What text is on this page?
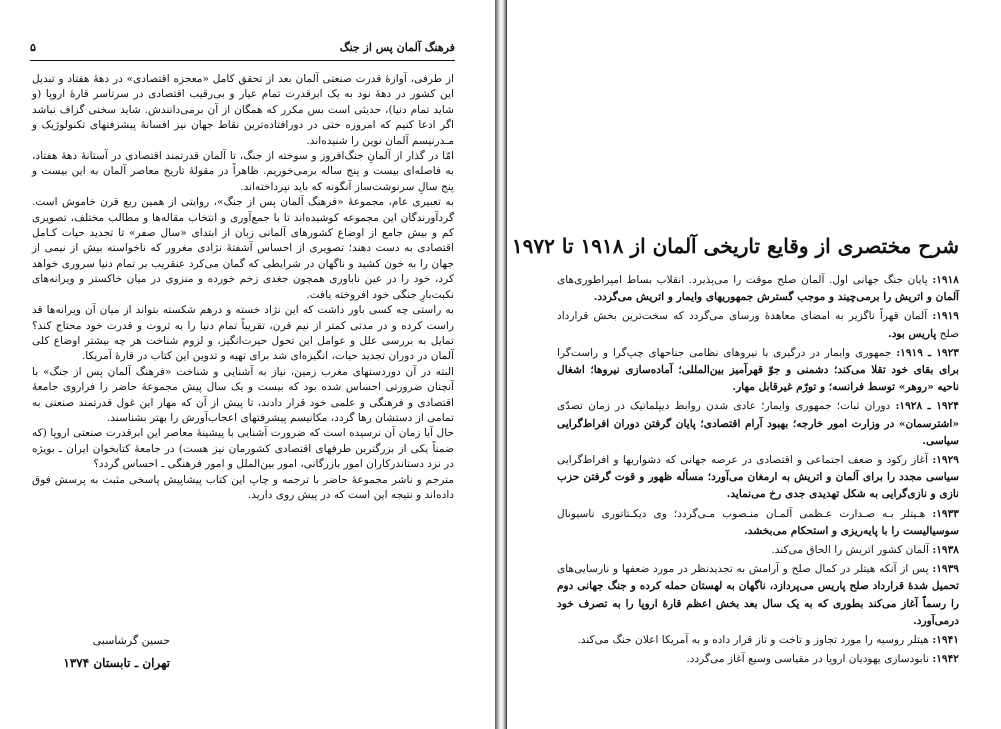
فرهنگ آلمان پس از جنگ
۵

از طرفی، آوازهٔ قدرت صنعتی آلمان بعد از تحقق کامل «معجزه اقتصادی» در دههٔ هفتاد و تبدیل این کشور در دههٔ نود به یک ابرقدرت تمام عیار و بی‌رقیب اقتصادی در سرتاسر قارهٔ اروپا (و شاید تمام دنیا)، حدیثی است بس مکرر که همگان از آن برمی‌دانندش. شاید سخنی گزاف نباشد اگر ادعا کنیم که امروزه حتی در دورافتاده‌ترین نقاط جهان نیز افسانهٔ پیشرفتهای تکنولوژیک و مـدرنیسم آلمان نوین را شنیده‌اند.

امّا در گذار از آلمانِ جنگ‌افروز و سوخته از جنگ، تا آلمان قدرتمند اقتصادی در آستانهٔ دههٔ هفتاد، به فاصله‌ای بیست و پنج ساله برمی‌خوریم. ظاهراً در مقولهٔ تاریخ معاصر آلمان به این بیست و پنج سالِ سرنوشت‌ساز آنگونه که باید نپرداخته‌اند.

به تعبیری عام، مجموعهٔ «فرهنگ آلمان پس از جنگ»، روایتی از همین ربع قرن خاموش است. گردآورندگان این مجموعه کوشیده‌اند تا با جمع‌آوری و انتخاب مقاله‌ها و مطالب مختلف، تصویری کم و بیش جامع از اوضاع کشورهای آلمانی زبان از ابتدای «سال صفر» تا تجدید حیات کـامل اقتصادی به دست دهند؛ تصویری از احساس آشفتهٔ نژادی مغرور که ناخواسته بیش از نیمی از جهان را به خون کشید و ناگهان در شرایطی که گمان می‌کرد عنقریب بر تمام دنیا سروری خواهد کرد، خود را در عین ناباوری همچون جغدی زخم خورده و منزوی در میان خاکستر و ویرانه‌های نکبت‌بارِ جنگی خود افروخته یافت.

به راستی چه کسی باور داشت که این نژاد خسته و درهم شکسته بتواند از میان آن ویرانه‌ها قد راست کرده و در مدتی کمتر از نیم قرن، تقریباً تمام دنیا را به ثروت و قدرت خود محتاج کند؟ تمایل به بررسی علل و عوامل این تحول حیرت‌انگیز، و لزوم شناخت هر چه بیشتر اوضاع کلی آلمان در دوران تجدید حیات، انگیزه‌ای شد برای تهیه و تدوین این کتاب در قارهٔ آمریکا.

البته در آن دوردستهای مغرب زمین، نیاز به آشنایی و شناخت «فرهنگ آلمان پس از جنگ» با آنچنان ضرورتی احساس شده بود که بیست و یک سال پیش مجموعهٔ حاضر را فراروی جامعهٔ اقتصادی و فرهنگی و علمی خود قرار دادند، تا پیش از آن که مهار این غول قدرتمند صنعتی به تمامی از دستشان رها گردد، مکانیسم پیشرفتهای اعجاب‌آورش را بهتر بشناسند.

حال آیا زمان آن نرسیده است که ضرورت آشنایی با پیشینهٔ معاصر این ابرقدرت صنعتی اروپا (که ضمناً یکی از بزرگترین طرفهای اقتصادی کشورمان نیز هست) در جامعهٔ کتابخوان ایران ـ بویژه در نزد دستاندرکاران امور بازرگانی، امور بین‌الملل و امور فرهنگی ـ احساس گردد؟

مترجم و ناشر مجموعهٔ حاضر با ترجمه و چاپ این کتاب پیشاپیش پاسخی مثبت به پرسش فوق داده‌اند و نتیجه این است که در پیش روی دارید.

حسین گرشاسبی
تهران ـ تابستان ۱۳۷۴
شرح مختصری از وقایع تاریخی آلمان از ۱۹۱۸ تا ۱۹۷۲
۱۹۱۸: پایان جنگ جهانی اول. آلمان صلح موقت را می‌پذیرد. انقلاب بساط امپراطوری‌های آلمان و اتریش را برمی‌چیند و موجب گسترش جمهوریهای وایمار و اتریش می‌گردد.
۱۹۱۹: آلمان قهراً ناگزیر به امضای معاهدهٔ ورسای می‌گردد که سخت‌ترین بخش قرارداد صلح پاریس بود.
۱۹۲۳ ـ ۱۹۱۹: جمهوری وایمار در درگیری با نیروهای نظامی جناحهای چپ‌گرا و راست‌گرا برای بقای خود تقلا می‌کند؛ دشمنی و جوّ قهرآمیز بین‌المللی؛ آماده‌سازی نیروها؛ اشغال ناحیه «روهر» توسط فرانسه؛ و تورّم غیرقابل مهار.
۱۹۲۴ ـ ۱۹۲۸: دوران ثبات؛ جمهوری وایمار؛ عادی شدن روابط دیپلماتیک در زمان تصدّی «اشترسمان» در وزارت امور خارجه؛ بهبود آرام اقتصادی؛ پایان گرفتن دوران افراط‌گرایی سیاسی.
۱۹۲۹: آغاز رکود و ضعف اجتماعی و اقتصادی در عرصه جهانی که دشواریها و افراط‌گرایی سیاسی مجدد را برای آلمان و اتریش به ارمغان می‌آورد؛ مسأله ظهور و قوت گرفتن حزب نازی و نازی‌گرایی به شکل تهدیدی جدی رخ می‌نماید.
۱۹۳۳: هـیتلر بـه صـدارت عـظمی آلمـان منـصوب مـی‌گردد؛ وی دیکـتاتوری ناسیونال سوسیالیست را با پایه‌ریزی و استحکام می‌بخشد.
۱۹۳۸: آلمان کشور اتریش را الحاق می‌کند.
۱۹۳۹: پس از آنکه هیتلر در کمال صلح و آرامش به تجدیدنظر در مورد ضعفها و نارسایی‌های تحمیل شدهٔ قرارداد صلح پاریس می‌پردازد، ناگهان به لهستان حمله کرده و جنگ جهانی دوم را رسماً آغاز می‌کند بطوری که به یک سال بعد بخش اعظم قارهٔ اروپا را به تصرف خود درمی‌آورد.
۱۹۴۱: هیتلر روسیه را مورد تجاوز و تاخت و تاز قرار داده و به آمریکا اعلان جنگ می‌کند.
۱۹۴۲: نابودسازی یهودیان اروپا در مقیاسی وسیع آغاز می‌گردد.
